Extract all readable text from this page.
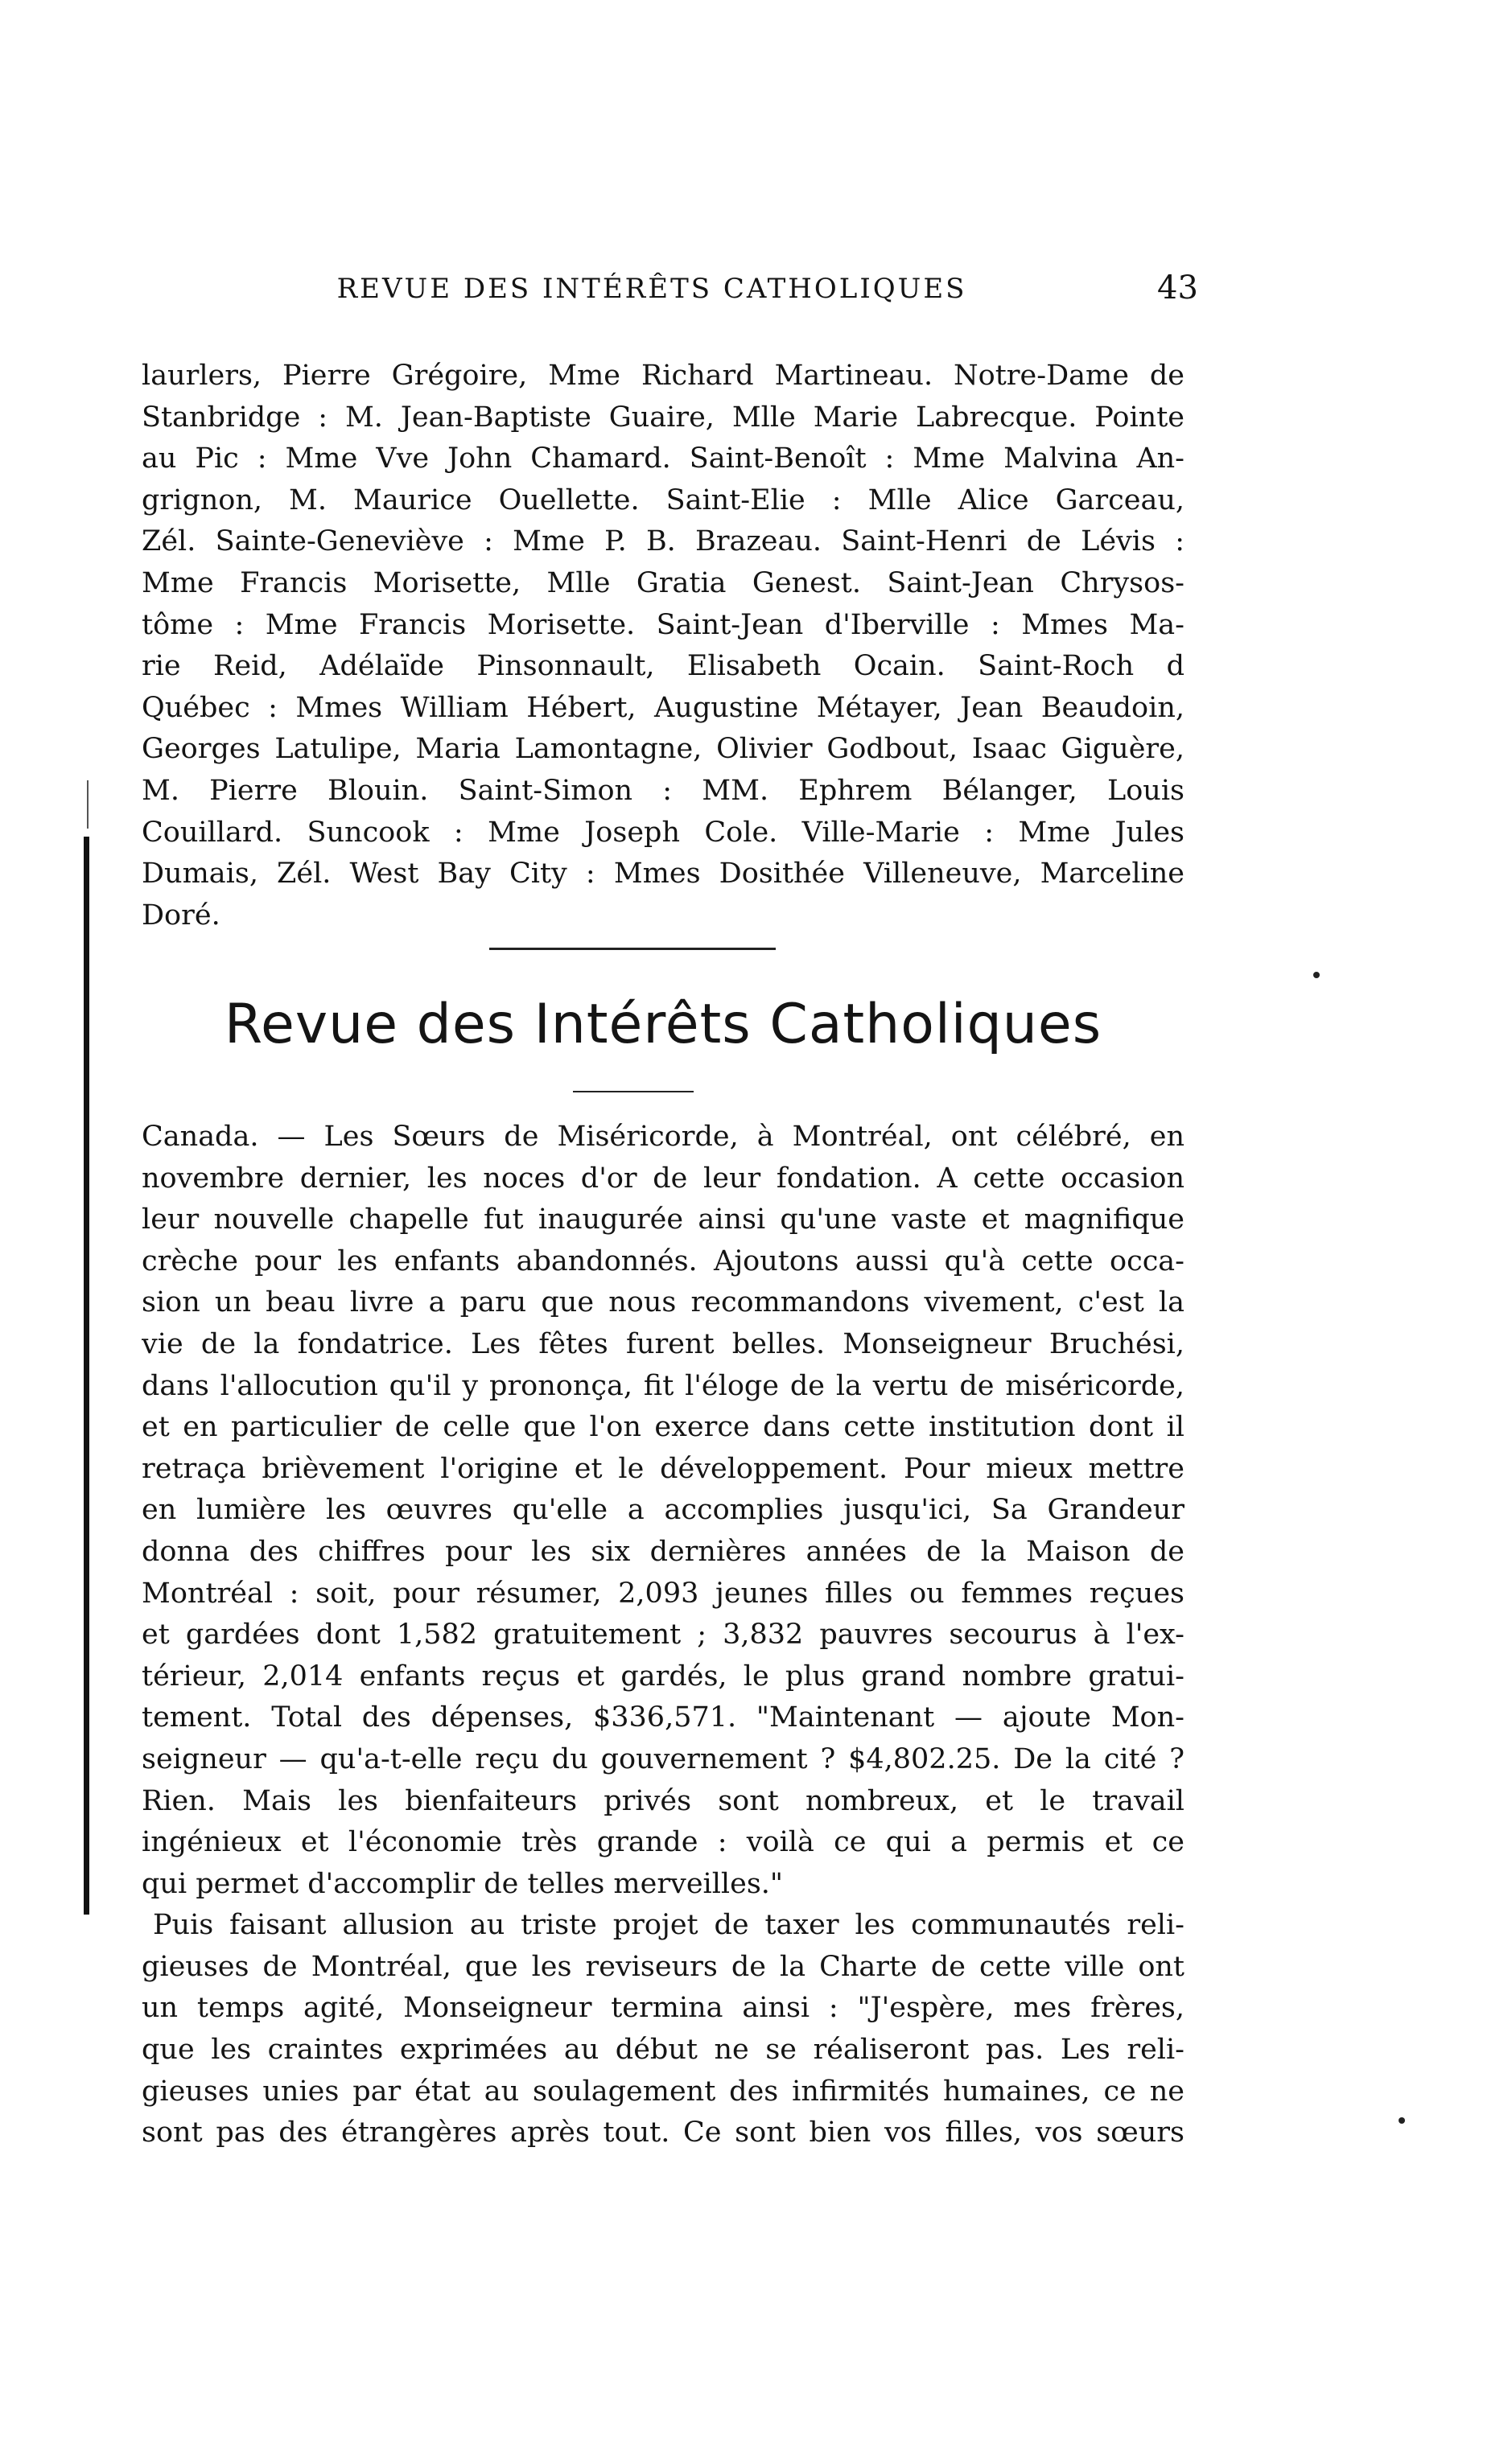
REVUE DES INTÉRÊTS CATHOLIQUES	43
laurlers, Pierre Grégoire, Mme Richard Martineau. Notre-Dame de
Stanbridge : M. Jean-Baptiste Guaire, Mlle Marie Labrecque. Pointe
au Pic : Mme Vve John Chamard. Saint-Benoît : Mme Malvina An-
grignon, M. Maurice Ouellette. Saint-Elie : Mlle Alice Garceau,
Zél. Sainte-Geneviève : Mme P. B. Brazeau. Saint-Henri de Lévis :
Mme Francis Morisette, Mlle Gratia Genest. Saint-Jean Chrysos-
tôme : Mme Francis Morisette. Saint-Jean d'Iberville : Mmes Ma-
rie Reid, Adélaïde Pinsonnault, Elisabeth Ocain. Saint-Roch d
Québec : Mmes William Hébert, Augustine Métayer, Jean Beaudoin,
Georges Latulipe, Maria Lamontagne, Olivier Godbout, Isaac Giguère,
M. Pierre Blouin. Saint-Simon : MM. Ephrem Bélanger, Louis
Couillard. Suncook : Mme Joseph Cole. Ville-Marie : Mme Jules
Dumais, Zél. West Bay City : Mmes Dosithée Villeneuve, Marceline
Doré.
Revue des Intérêts Catholiques
Canada. — Les Sœurs de Miséricorde, à Montréal, ont célébré, en
novembre dernier, les noces d'or de leur fondation. A cette occasion
leur nouvelle chapelle fut inaugurée ainsi qu'une vaste et magnifique
crèche pour les enfants abandonnés. Ajoutons aussi qu'à cette occa-
sion un beau livre a paru que nous recommandons vivement, c'est la
vie de la fondatrice. Les fêtes furent belles. Monseigneur Bruchési,
dans l'allocution qu'il y prononça, fit l'éloge de la vertu de miséricorde,
et en particulier de celle que l'on exerce dans cette institution dont il
retraça brièvement l'origine et le développement. Pour mieux mettre
en lumière les œuvres qu'elle a accomplies jusqu'ici, Sa Grandeur
donna des chiffres pour les six dernières années de la Maison de
Montréal : soit, pour résumer, 2,093 jeunes filles ou femmes reçues
et gardées dont 1,582 gratuitement ; 3,832 pauvres secourus à l'ex-
térieur, 2,014 enfants reçus et gardés, le plus grand nombre gratui-
tement. Total des dépenses, $336,571. "Maintenant — ajoute Mon-
seigneur — qu'a-t-elle reçu du gouvernement ? $4,802.25. De la cité ?
Rien. Mais les bienfaiteurs privés sont nombreux, et le travail
ingénieux et l'économie très grande : voilà ce qui a permis et ce
qui permet d'accomplir de telles merveilles."
Puis faisant allusion au triste projet de taxer les communautés reli-
gieuses de Montréal, que les reviseurs de la Charte de cette ville ont
un temps agité, Monseigneur termina ainsi : "J'espère, mes frères,
que les craintes exprimées au début ne se réaliseront pas. Les reli-
gieuses unies par état au soulagement des infirmités humaines, ce ne
sont pas des étrangères après tout. Ce sont bien vos filles, vos sœurs
